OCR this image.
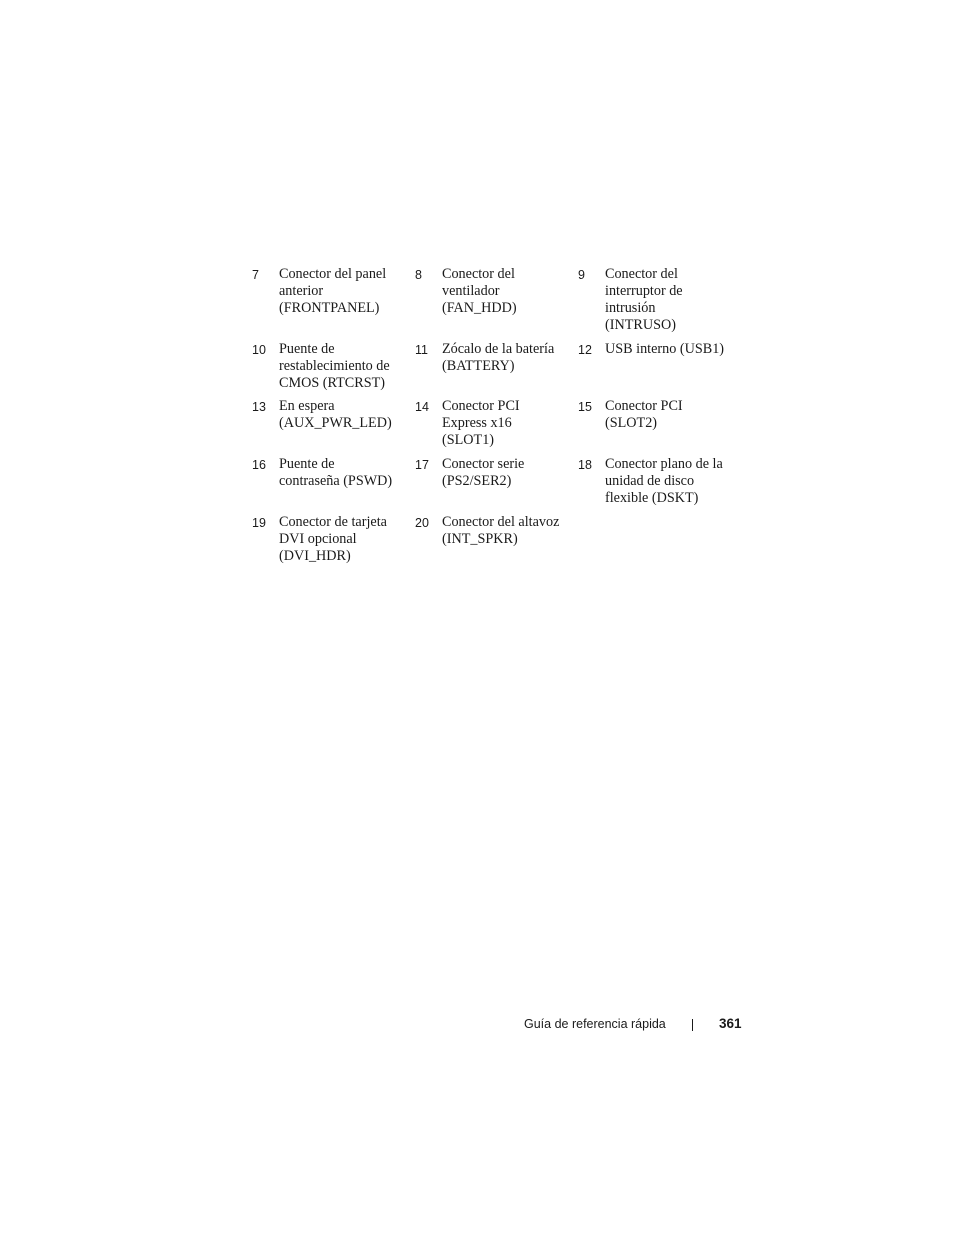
7	Conector del panel
anterior
(FRONTPANEL)
8	Conector del
ventilador
(FAN_HDD)
9	Conector del
interruptor de
intrusión
(INTRUSO)
10 Puente de
restablecimiento de
CMOS (RTCRST)
11 Zócalo de la batería
(BATTERY)
12 USB interno (USB1)
13 En espera
(AUX_PWR_LED)
14 Conector PCI
Express x16
(SLOT1)
15 Conector PCI
(SLOT2)
16 Puente de
contraseña (PSWD)
17 Conector serie
(PS2/SER2)
18 Conector plano de la
unidad de disco
flexible (DSKT)
19 Conector de tarjeta
DVI opcional
(DVI_HDR)
20 Conector del altavoz
(INT_SPKR)
Guía de referencia rápida	361
